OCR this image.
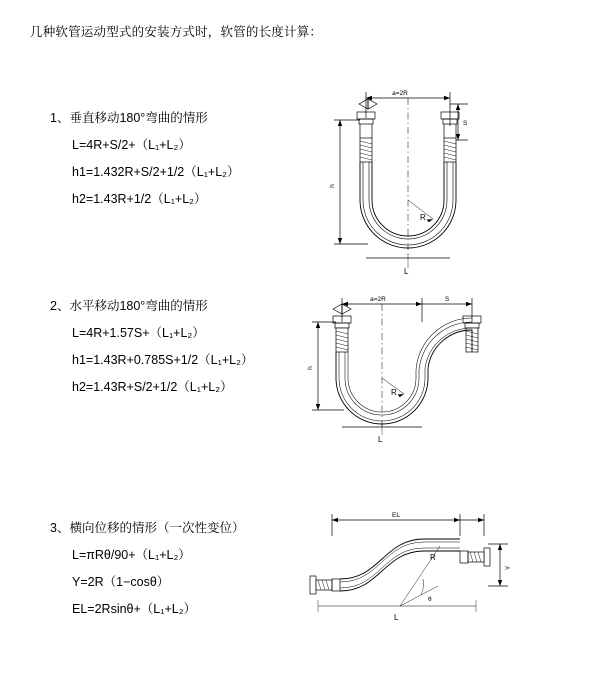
几种软管运动型式的安装方式时，软管的长度计算：
1、垂直移动180°弯曲的情形
L=4R+S/2+（L₁+L₂）
h1=1.432R+S/2+1/2（L₁+L₂）
h2=1.43R+1/2（L₁+L₂）
a=2R
S
h
R
L
2、水平移动180°弯曲的情形
L=4R+1.57S+（L₁+L₂）
h1=1.43R+0.785S+1/2（L₁+L₂）
h2=1.43R+S/2+1/2（L₁+L₂）
a=2R	S
h
R
L
3、横向位移的情形（一次性变位）
L=πRθ/90+（L₁+L₂）
Y=2R（1−cosθ）
EL=2Rsinθ+（L₁+L₂）
EL
Y
R
θ
L
